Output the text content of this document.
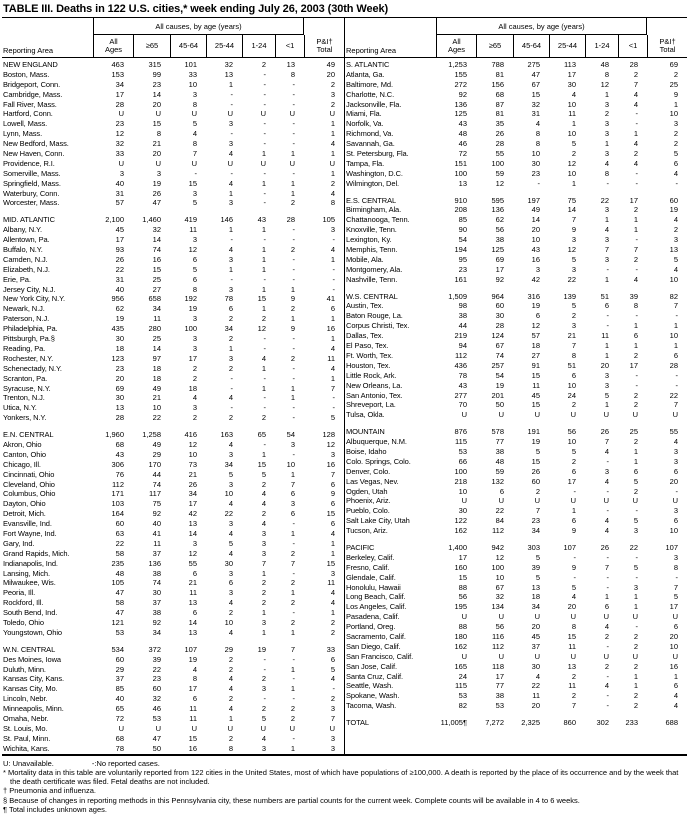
TABLE III. Deaths in 122 U.S. cities,* week ending July 26, 2003 (30th Week)
All causes, by age (years)
Reporting Area
All
Ages	≥65	45-64 25-44 1-24	<1	P&I†
Total
NEW ENGLAND	463	315	101	32	2	13	49
Boston, Mass.	153	99	33	13	-	8	20
Bridgeport, Conn.	34	23	10	1	-	-	2
Cambridge, Mass.	17	14	3	-	-	-	3
Fall River, Mass.	28	20	8	-	-	-	2
Hartford, Conn.	U	U	U	U	U	U	U
Lowell, Mass.	23	15	5	3	-	-	1
Lynn, Mass.	12	8	4	-	-	-	1
New Bedford, Mass.	32	21	8	3	-	-	4
New Haven, Conn.	33	20	7	4	1	1	1
Providence, R.I.	U	U	U	U	U	U	U
Somerville, Mass.	3	3	-	-	-	-	1
Springfield, Mass.	40	19	15	4	1	1	2
Waterbury, Conn.	31	26	3	1	-	1	4
Worcester, Mass.	57	47	5	3	-	2	8
MID. ATLANTIC	2,100	1,460	419	146	43	28	105
Albany, N.Y.	45	32	11	1	1	-	3
Allentown, Pa.	17	14	3	-	-	-	-
Buffalo, N.Y.	93	74	12	4	1	2	4
Camden, N.J.	26	16	6	3	1	-	1
Elizabeth, N.J.	22	15	5	1	1	-	-
Erie, Pa.	31	25	6	-	-	-	-
Jersey City, N.J.	40	27	8	3	1	1	-
New York City, N.Y.	956	658	192	78	15	9	41
Newark, N.J.	62	34	19	6	1	2	6
Paterson, N.J.	19	11	3	2	2	1	1
Philadelphia, Pa.	435	280	100	34	12	9	16
Pittsburgh, Pa.§	30	25	3	2	-	-	1
Reading, Pa.	18	14	3	1	-	-	4
Rochester, N.Y.	123	97	17	3	4	2	11
Schenectady, N.Y.	23	18	2	2	1	-	4
Scranton, Pa.	20	18	2	-	-	-	1
Syracuse, N.Y.	69	49	18	-	1	1	7
Trenton, N.J.	30	21	4	4	-	1	-
Utica, N.Y.	13	10	3	-	-	-	-
Yonkers, N.Y.	28	22	2	2	2	-	5
E.N. CENTRAL	1,960	1,258	416	163	65	54	128
Akron, Ohio	68	49	12	4	-	3	12
Canton, Ohio	43	29	10	3	1	-	3
Chicago, Ill.	306	170	73	34	15	10	16
Cincinnati, Ohio	76	44	21	5	5	1	7
Cleveland, Ohio	112	74	26	3	2	7	6
Columbus, Ohio	171	117	34	10	4	6	9
Dayton, Ohio	103	75	17	4	4	3	6
Detroit, Mich.	164	92	42	22	2	6	15
Evansville, Ind.	60	40	13	3	4	-	6
Fort Wayne, Ind.	63	41	14	4	3	1	4
Gary, Ind.	22	11	3	5	3	-	1
Grand Rapids, Mich.	58	37	12	4	3	2	1
Indianapolis, Ind.	235	136	55	30	7	7	15
Lansing, Mich.	48	38	6	3	1	-	3
Milwaukee, Wis.	105	74	21	6	2	2	11
Peoria, Ill.	47	30	11	3	2	1	4
Rockford, Ill.	58	37	13	4	2	2	4
South Bend, Ind.	47	38	6	2	1	-	1
Toledo, Ohio	121	92	14	10	3	2	2
Youngstown, Ohio	53	34	13	4	1	1	2
W.N. CENTRAL	534	372	107	29	19	7	33
Des Moines, Iowa	60	39	19	2	-	-	6
Duluth, Minn.	29	22	4	2	-	1	5
Kansas City, Kans.	37	23	8	4	2	-	4
Kansas City, Mo.	85	60	17	4	3	1	-
Lincoln, Nebr.	40	32	6	2	-	-	2
Minneapolis, Minn.	65	46	11	4	2	2	3
Omaha, Nebr.	72	53	11	1	5	2	7
St. Louis, Mo.	U	U	U	U	U	U	U
St. Paul, Minn.	68	47	15	2	4	-	3
Wichita, Kans.	78	50	16	8	3	1	3
All causes, by age (years)
Reporting Area
All
Ages	≥65	45-64 25-44 1-24	<1	P&I†
Total
S. ATLANTIC	1,253	788	275	113	48	28	69
Atlanta, Ga.	155	81	47	17	8	2	2
Baltimore, Md.	272	156	67	30	12	7	25
Charlotte, N.C.	92	68	15	4	1	4	9
Jacksonville, Fla.	136	87	32	10	3	4	1
Miami, Fla.	125	81	31	11	2	-	10
Norfolk, Va.	43	35	4	1	3	-	3
Richmond, Va.	48	26	8	10	3	1	2
Savannah, Ga.	46	28	8	5	1	4	2
St. Petersburg, Fla.	72	55	10	2	3	2	5
Tampa, Fla.	151	100	30	12	4	4	6
Washington, D.C.	100	59	23	10	8	-	4
Wilmington, Del.	13	12	-	1	-	-	-
E.S. CENTRAL	910	595	197	75	22	17	60
Birmingham, Ala.	208	136	49	14	3	2	19
Chattanooga, Tenn.	85	62	14	7	1	1	4
Knoxville, Tenn.	90	56	20	9	4	1	2
Lexington, Ky.	54	38	10	3	3	-	3
Memphis, Tenn.	194	125	43	12	7	7	13
Mobile, Ala.	95	69	16	5	3	2	5
Montgomery, Ala.	23	17	3	3	-	-	4
Nashville, Tenn.	161	92	42	22	1	4	10
W.S. CENTRAL	1,509	964	316	139	51	39	82
Austin, Tex.	98	60	19	5	6	8	7
Baton Rouge, La.	38	30	6	2	-	-	-
Corpus Christi, Tex.	44	28	12	3	-	1	1
Dallas, Tex.	219	124	57	21	11	6	10
El Paso, Tex.	94	67	18	7	1	1	1
Ft. Worth, Tex.	112	74	27	8	1	2	6
Houston, Tex.	436	257	91	51	20	17	28
Little Rock, Ark.	78	54	15	6	3	-	-
New Orleans, La.	43	19	11	10	3	-	-
San Antonio, Tex.	277	201	45	24	5	2	22
Shreveport, La.	70	50	15	2	1	2	7
Tulsa, Okla.	U	U	U	U	U	U	U
MOUNTAIN	876	578	191	56	26	25	55
Albuquerque, N.M.	115	77	19	10	7	2	4
Boise, Idaho	53	38	5	5	4	1	3
Colo. Springs, Colo.	66	48	15	2	-	1	3
Denver, Colo.	100	59	26	6	3	6	6
Las Vegas, Nev.	218	132	60	17	4	5	20
Ogden, Utah	10	6	2	-	-	2	-
Phoenix, Ariz.	U	U	U	U	U	U	U
Pueblo, Colo.	30	22	7	1	-	-	3
Salt Lake City, Utah	122	84	23	6	4	5	6
Tucson, Ariz.	162	112	34	9	4	3	10
PACIFIC	1,400	942	303	107	26	22	107
Berkeley, Calif.	17	12	5	-	-	-	3
Fresno, Calif.	160	100	39	9	7	5	8
Glendale, Calif.	15	10	5	-	-	-	-
Honolulu, Hawaii	88	67	13	5	-	3	7
Long Beach, Calif.	56	32	18	4	1	1	5
Los Angeles, Calif.	195	134	34	20	6	1	17
Pasadena, Calif.	U	U	U	U	U	U	U
Portland, Oreg.	88	56	20	8	4	-	6
Sacramento, Calif.	180	116	45	15	2	2	20
San Diego, Calif.	162	112	37	11	-	2	10
San Francisco, Calif.	U	U	U	U	U	U	U
San Jose, Calif.	165	118	30	13	2	2	16
Santa Cruz, Calif.	24	17	4	2	-	1	1
Seattle, Wash.	115	77	22	11	4	1	6
Spokane, Wash.	53	38	11	2	-	2	4
Tacoma, Wash.	82	53	20	7	-	2	4
TOTAL	11,005¶	7,272	2,325	860	302	233	688
U: Unavailable.	-:No reported cases.
* Mortality data in this table are voluntarily reported from 122 cities in the United States, most of which have populations of ≥100,000. A death is reported by the place of its occurrence and by the week that the death certificate was filed. Fetal deaths are not included.
† Pneumonia and influenza.
§ Because of changes in reporting methods in this Pennsylvania city, these numbers are partial counts for the current week. Complete counts will be available in 4 to 6 weeks.
¶ Total includes unknown ages.
